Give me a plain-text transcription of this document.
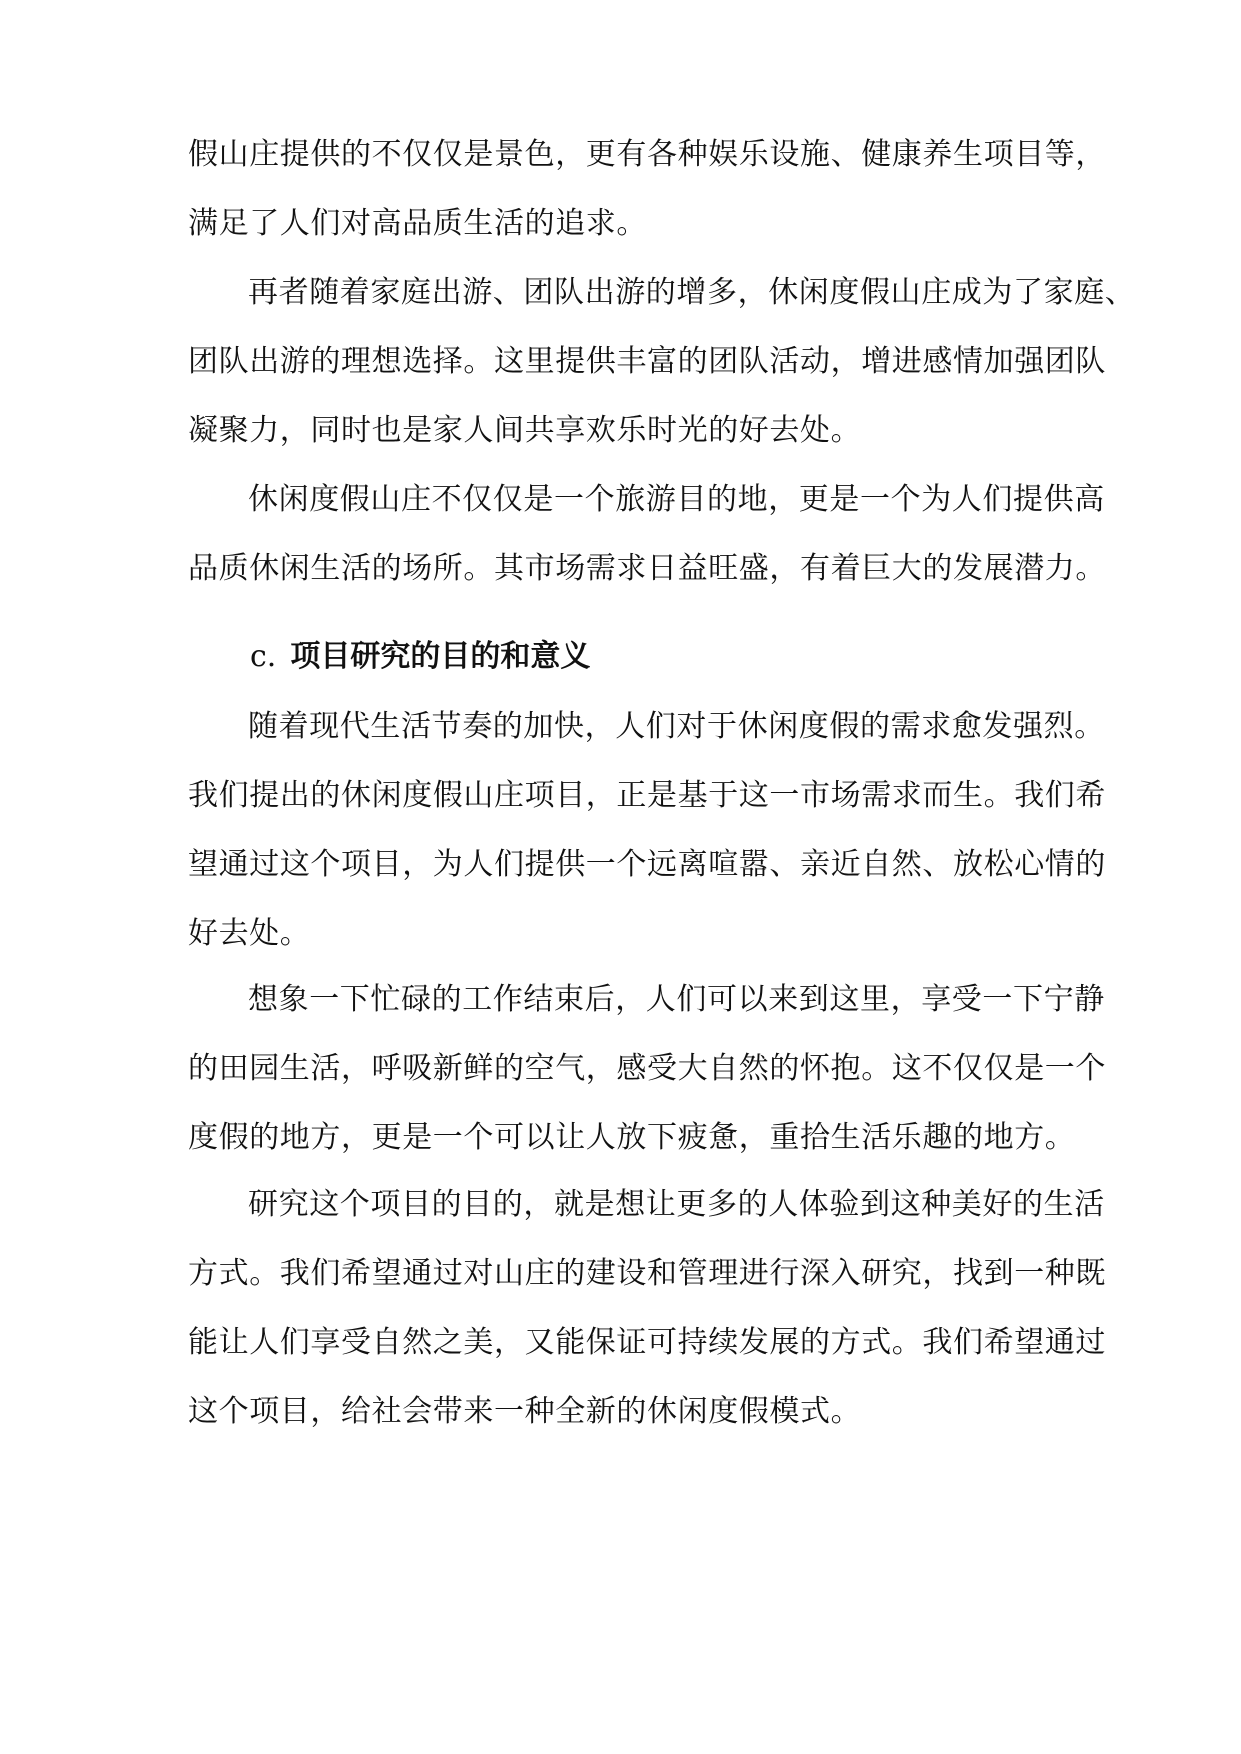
假山庄提供的不仅仅是景色，更有各种娱乐设施、健康养生项目等，
满足了人们对高品质生活的追求。
再者随着家庭出游、团队出游的增多，休闲度假山庄成为了家庭、
团队出游的理想选择。这里提供丰富的团队活动，增进感情加强团队
凝聚力，同时也是家人间共享欢乐时光的好去处。
休闲度假山庄不仅仅是一个旅游目的地，更是一个为人们提供高
品质休闲生活的场所。其市场需求日益旺盛，有着巨大的发展潜力。
c. 项目研究的目的和意义
随着现代生活节奏的加快，人们对于休闲度假的需求愈发强烈。
我们提出的休闲度假山庄项目，正是基于这一市场需求而生。我们希
望通过这个项目，为人们提供一个远离喧嚣、亲近自然、放松心情的
好去处。
想象一下忙碌的工作结束后，人们可以来到这里，享受一下宁静
的田园生活，呼吸新鲜的空气，感受大自然的怀抱。这不仅仅是一个
度假的地方，更是一个可以让人放下疲惫，重拾生活乐趣的地方。
研究这个项目的目的，就是想让更多的人体验到这种美好的生活
方式。我们希望通过对山庄的建设和管理进行深入研究，找到一种既
能让人们享受自然之美，又能保证可持续发展的方式。我们希望通过
这个项目，给社会带来一种全新的休闲度假模式。
